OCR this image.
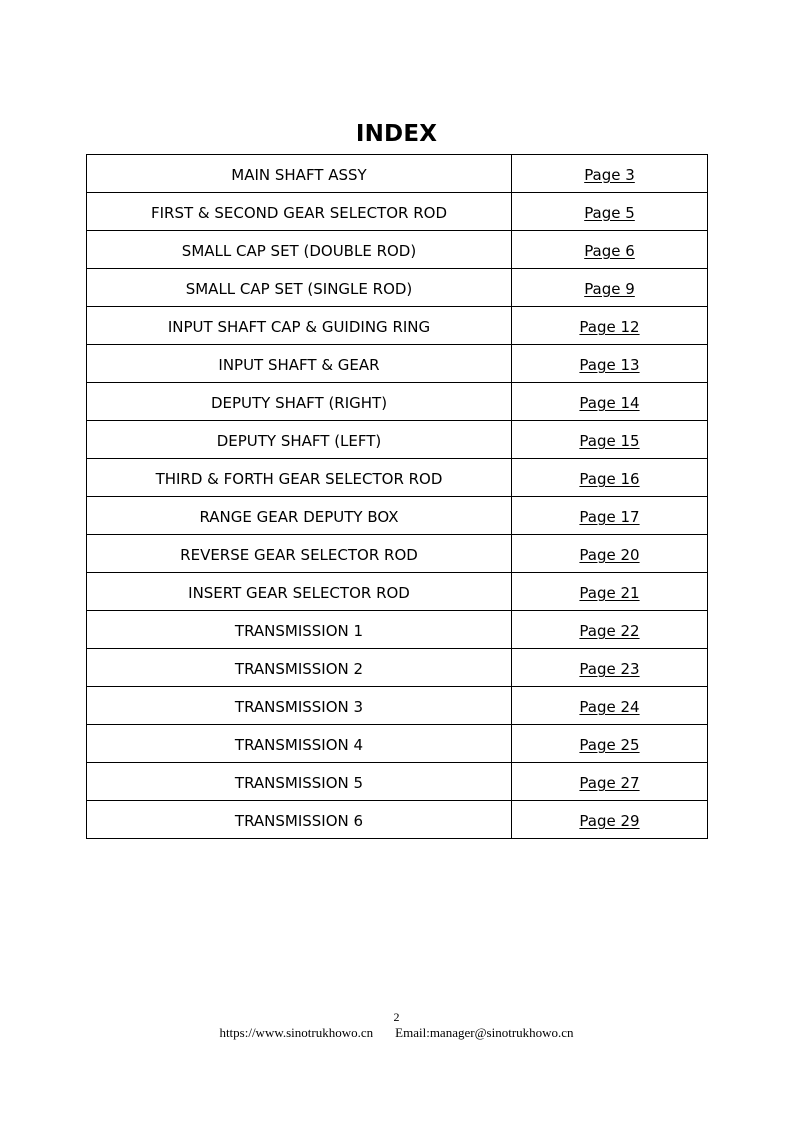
INDEX
MAIN SHAFT ASSY	Page 3
FIRST & SECOND GEAR SELECTOR ROD	Page 5
SMALL CAP SET (DOUBLE ROD)	Page 6
SMALL CAP SET (SINGLE ROD)	Page 9
INPUT SHAFT CAP & GUIDING RING	Page 12
INPUT SHAFT & GEAR	Page 13
DEPUTY SHAFT (RIGHT)	Page 14
DEPUTY SHAFT (LEFT)	Page 15
THIRD & FORTH GEAR SELECTOR ROD	Page 16
RANGE GEAR DEPUTY BOX	Page 17
REVERSE GEAR SELECTOR ROD	Page 20
INSERT GEAR SELECTOR ROD	Page 21
TRANSMISSION 1	Page 22
TRANSMISSION 2	Page 23
TRANSMISSION 3	Page 24
TRANSMISSION 4	Page 25
TRANSMISSION 5	Page 27
TRANSMISSION 6	Page 29
2
https://www.sinotrukhowo.cn Email:manager@sinotrukhowo.cn
